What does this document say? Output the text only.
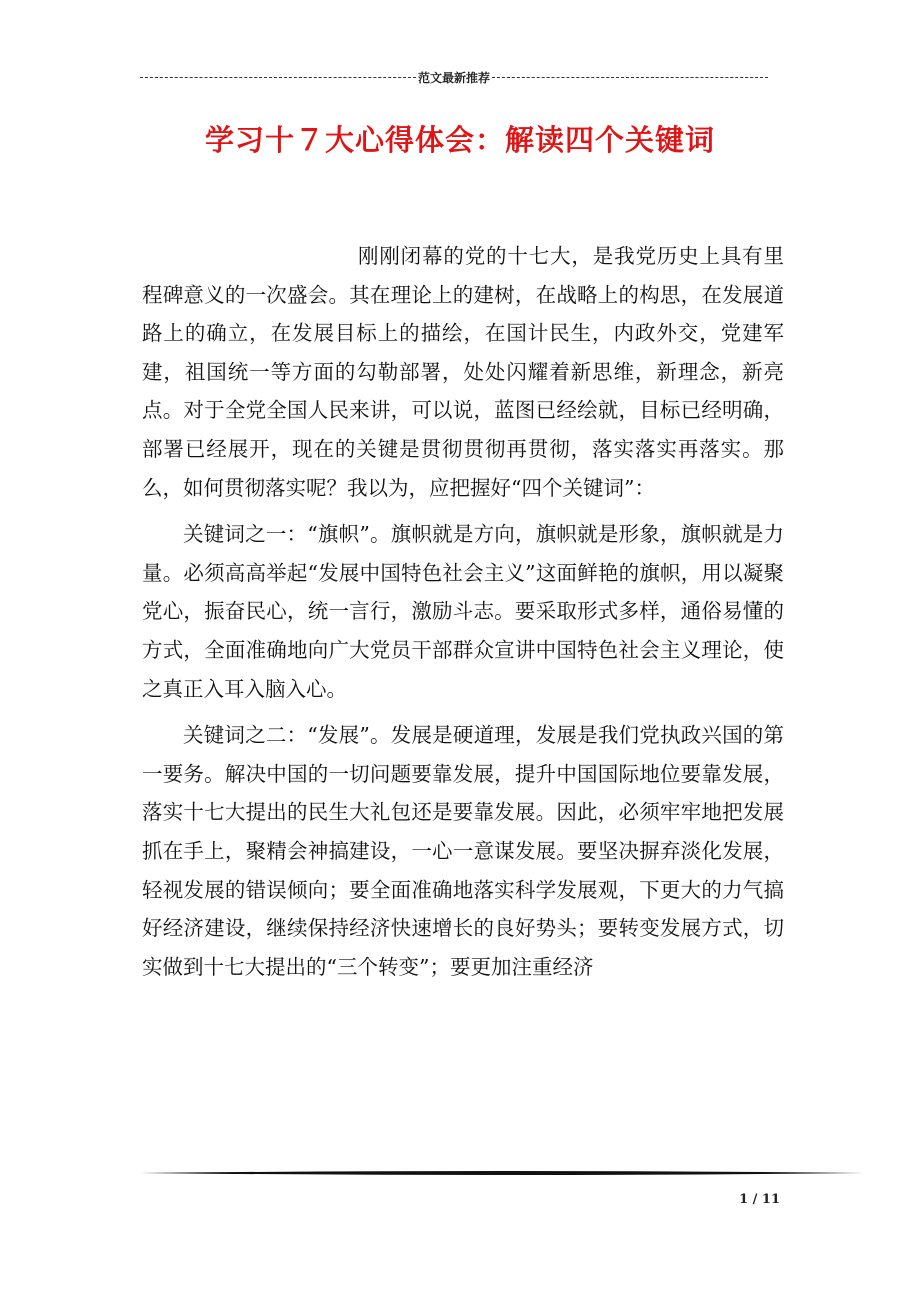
范文最新推荐
学习十７大心得体会：解读四个关键词

刚刚闭幕的党的十七大，是我党历史上具有里程碑意义的一次盛会。其在理论上的建树，在战略上的构思，在发展道路上的确立，在发展目标上的描绘，在国计民生，内政外交，党建军建，祖国统一等方面的勾勒部署，处处闪耀着新思维，新理念，新亮点。对于全党全国人民来讲，可以说，蓝图已经绘就，目标已经明确，部署已经展开，现在的关键是贯彻贯彻再贯彻，落实落实再落实。那么，如何贯彻落实呢？我以为，应把握好“四个关键词”：

关键词之一：“旗帜”。旗帜就是方向，旗帜就是形象，旗帜就是力量。必须高高举起“发展中国特色社会主义”这面鲜艳的旗帜，用以凝聚党心，振奋民心，统一言行，激励斗志。要采取形式多样，通俗易懂的方式，全面准确地向广大党员干部群众宣讲中国特色社会主义理论，使之真正入耳入脑入心。

关键词之二：“发展”。发展是硬道理，发展是我们党执政兴国的第一要务。解决中国的一切问题要靠发展，提升中国国际地位要靠发展，落实十七大提出的民生大礼包还是要靠发展。因此，必须牢牢地把发展抓在手上，聚精会神搞建设，一心一意谋发展。要坚决摒弃淡化发展，轻视发展的错误倾向；要全面准确地落实科学发展观，下更大的力气搞好经济建设，继续保持经济快速增长的良好势头；要转变发展方式，切实做到十七大提出的“三个转变”；要更加注重经济

1 / 11
